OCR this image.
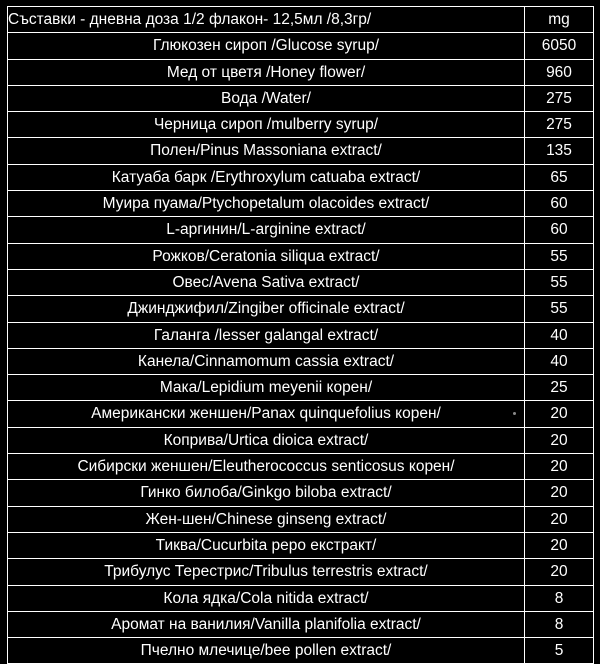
Съставки - дневна доза 1/2 флакон- 12,5мл /8,3гр/	mg
Глюкозен сироп /Glucose syrup/	6050
Мед от цветя /Honey flower/	960
Вода /Water/	275
Черница сироп /mulberry syrup/	275
Полен/Pinus Massoniana extract/	135
Катуаба барк /Erythroxylum catuaba extract/	65
Муира пуама/Ptychopetalum olacoides extract/	60
L-аргинин/L-arginine extract/	60
Рожков/Ceratonia siliqua extract/	55
Овес/Avena Sativa extract/	55
Джинджифил/Zingiber officinale extract/	55
Галанга /lesser galangal extract/	40
Канела/Cinnamomum cassia extract/	40
Мака/Lepidium meyenii корен/	25
Американски женшен/Panax quinquefolius корен/	20
Коприва/Urtica dioica extract/	20
Сибирски женшен/Eleutherococcus senticosus корен/	20
Гинко билоба/Ginkgo biloba extract/	20
Жен-шен/Chinese ginseng extract/	20
Тиква/Cucurbita pepo екстракт/	20
Трибулус Терестрис/Tribulus terrestris extract/	20
Кола ядка/Cola nitida extract/	8
Аромат на ванилия/Vanilla planifolia extract/	8
Пчелно млечице/bee pollen extract/	5
